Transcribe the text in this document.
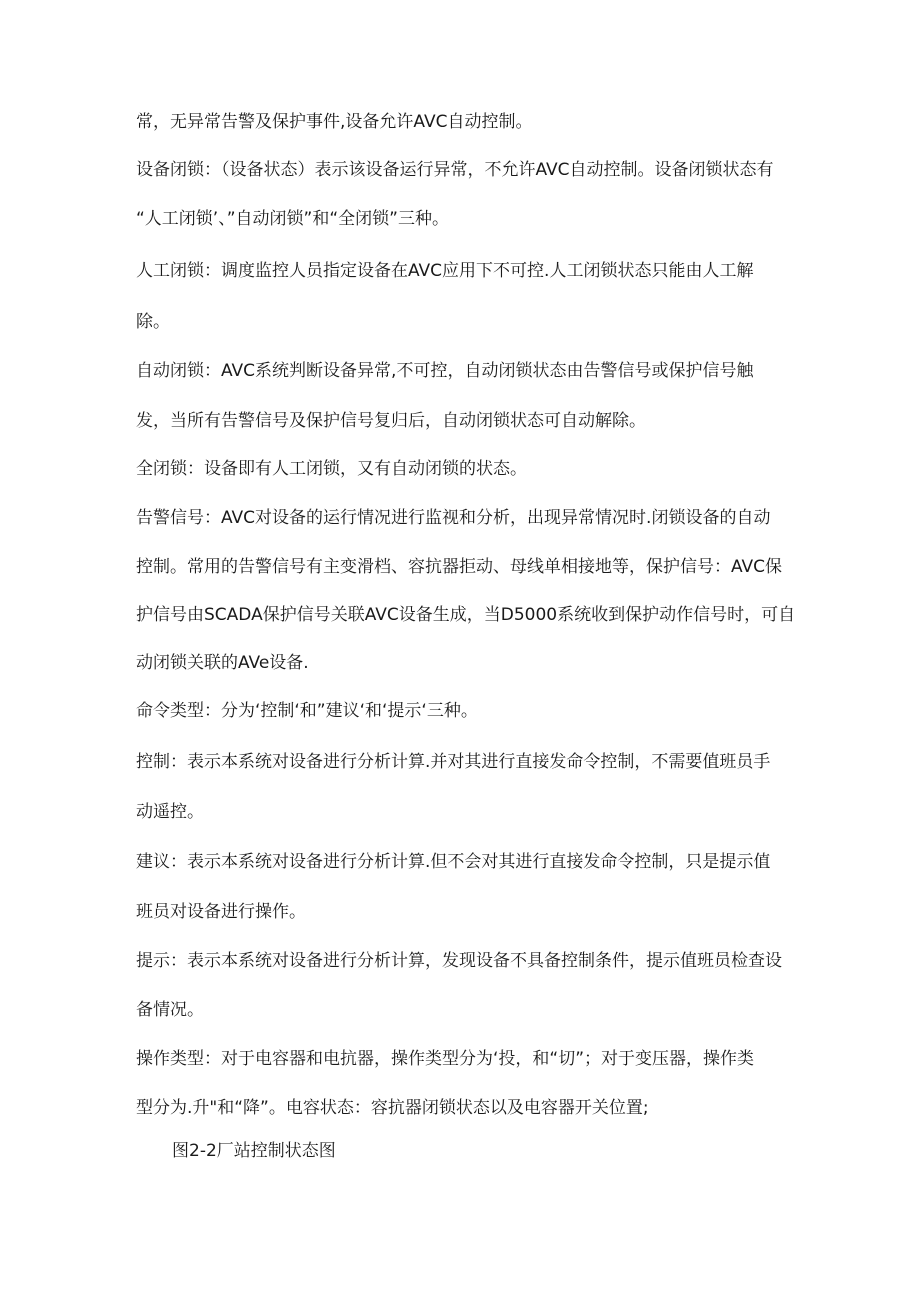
常，无异常告警及保护事件,设备允许AVC自动控制。
设备闭锁：（设备状态）表示该设备运行异常，不允许AVC自动控制。设备闭锁状态有
“人工闭锁’、”自动闭锁”和“全闭锁”三种。
人工闭锁：调度监控人员指定设备在AVC应用下不可控.人工闭锁状态只能由人工解
除。
自动闭锁：AVC系统判断设备异常,不可控，自动闭锁状态由告警信号或保护信号触
发，当所有告警信号及保护信号复归后，自动闭锁状态可自动解除。
全闭锁：设备即有人工闭锁，又有自动闭锁的状态。
告警信号：AVC对设备的运行情况进行监视和分析，出现异常情况时.闭锁设备的自动
控制。常用的告警信号有主变滑档、容抗器拒动、母线单相接地等，保护信号：AVC保
护信号由SCADA保护信号关联AVC设备生成，当D5000系统收到保护动作信号时，可自
动闭锁关联的AVe设备.
命令类型：分为‘控制‘和”建议‘和‘提示‘三种。
控制：表示本系统对设备进行分析计算.并对其进行直接发命令控制，不需要值班员手
动遥控。
建议：表示本系统对设备进行分析计算.但不会对其进行直接发命令控制，只是提示值
班员对设备进行操作。
提示：表示本系统对设备进行分析计算，发现设备不具备控制条件，提示值班员检查设
备情况。
操作类型：对于电容器和电抗器，操作类型分为‘投，和“切”；对于变压器，操作类
型分为.升"和“降”。电容状态：容抗器闭锁状态以及电容器开关位置;
图2-2厂站控制状态图
